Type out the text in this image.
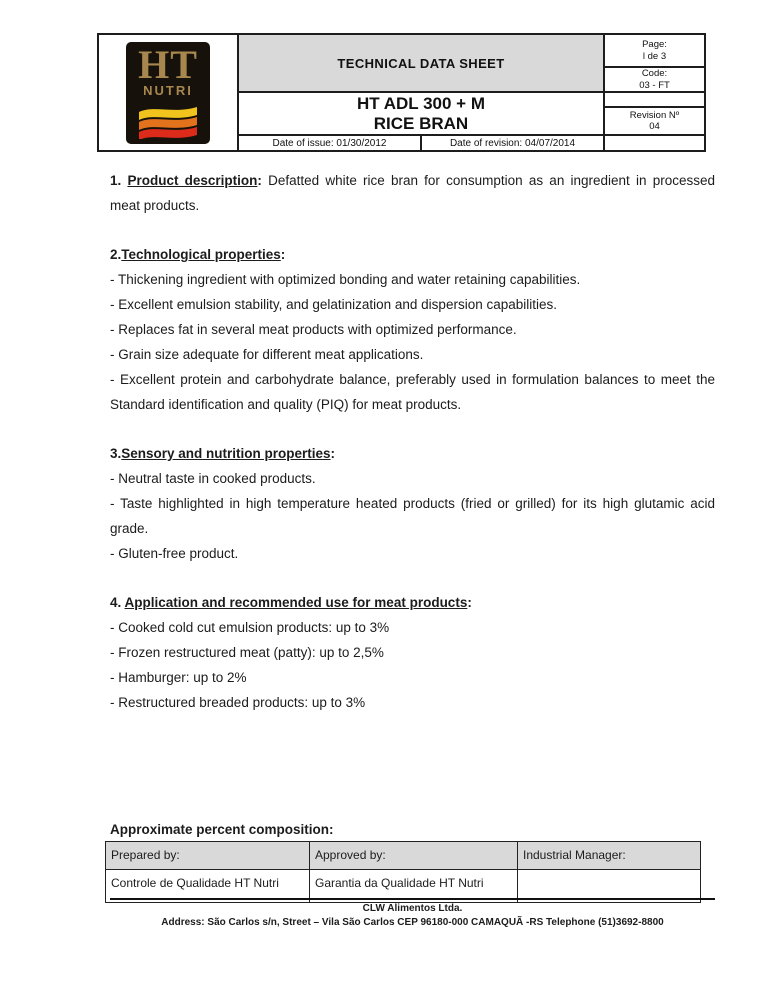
HT
NUTRI
	TECHNICAL DATA SHEET	
Page:
l de 3

			Code:
03 - FT

	HT ADL 300 + M
RICE BRAN		

			Revision Nº
04

	Date of issue: 01/30/2012	Date of revision: 04/07/2014	

1. Product description: Defatted white rice bran for consumption as an ingredient in processed meat products.

2.Technological properties:
- Thickening ingredient with optimized bonding and water retaining capabilities.
- Excellent emulsion stability, and gelatinization and dispersion capabilities.
- Replaces fat in several meat products with optimized performance.
- Grain size adequate for different meat applications.
- Excellent protein and carbohydrate balance, preferably used in formulation balances to meet the Standard identification and quality (PIQ) for meat products.
3.Sensory and nutrition properties:
- Neutral taste in cooked products.
- Taste highlighted in high temperature heated products (fried or grilled) for its high glutamic acid grade.
- Gluten-free product.
4. Application and recommended use for meat products:
- Cooked cold cut emulsion products: up to 3%
- Frozen restructured meat (patty): up to 2,5%
- Hamburger: up to 2%
- Restructured breaded products: up to 3%
Approximate percent composition:
Prepared by:	Approved by:	Industrial Manager:
Controle de Qualidade HT Nutri	Garantia da Qualidade HT Nutri	
CLW Alimentos Ltda.
Address: São Carlos s/n, Street – Vila São Carlos CEP 96180-000 CAMAQUÃ -RS Telephone (51)3692-8800
